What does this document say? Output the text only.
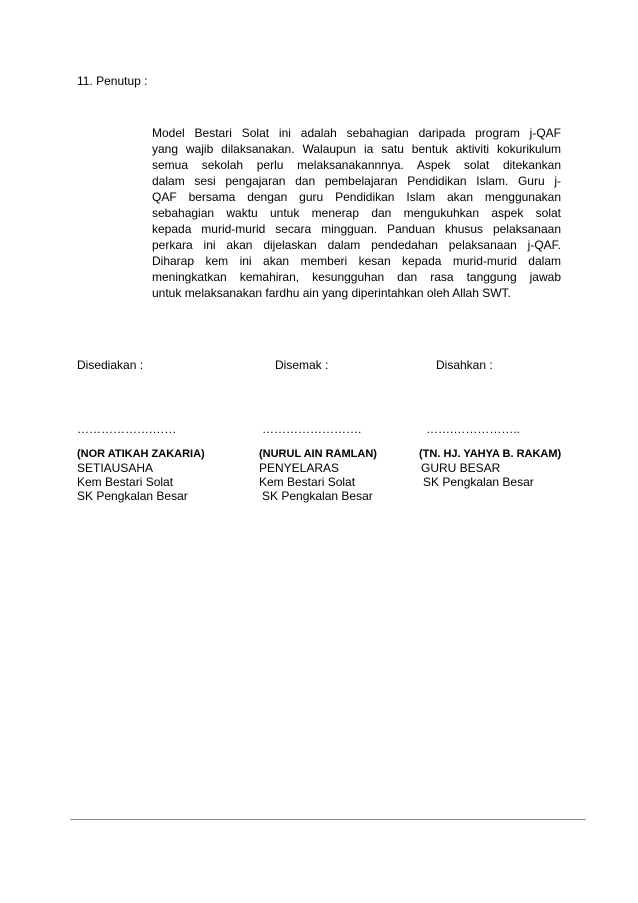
11. Penutup :
Model Bestari Solat ini adalah sebahagian daripada program j-QAF
yang wajib dilaksanakan. Walaupun ia satu bentuk aktiviti kokurikulum
semua sekolah perlu melaksanakannnya. Aspek solat ditekankan
dalam sesi pengajaran dan pembelajaran Pendidikan Islam. Guru j-
QAF bersama dengan guru Pendidikan Islam akan menggunakan
sebahagian waktu untuk menerap dan mengukuhkan aspek solat
kepada murid-murid secara mingguan. Panduan khusus pelaksanaan
perkara ini akan dijelaskan dalam pendedahan pelaksanaan j-QAF.
Diharap kem ini akan memberi kesan kepada murid-murid dalam
meningkatkan kemahiran, kesungguhan dan rasa tanggung jawab
untuk melaksanakan fardhu ain yang diperintahkan oleh Allah SWT.
Disediakan :
……………….……
(NOR ATIKAH ZAKARIA)
SETIAUSAHA
Kem Bestari Solat
SK Pengkalan Besar
Disemak :
…………………….
(NURUL AIN RAMLAN)
PENYELARAS
Kem Bestari Solat
SK Pengkalan Besar
Disahkan :
…….……………..
(TN. HJ. YAHYA B. RAKAM)
GURU BESAR
SK Pengkalan Besar
